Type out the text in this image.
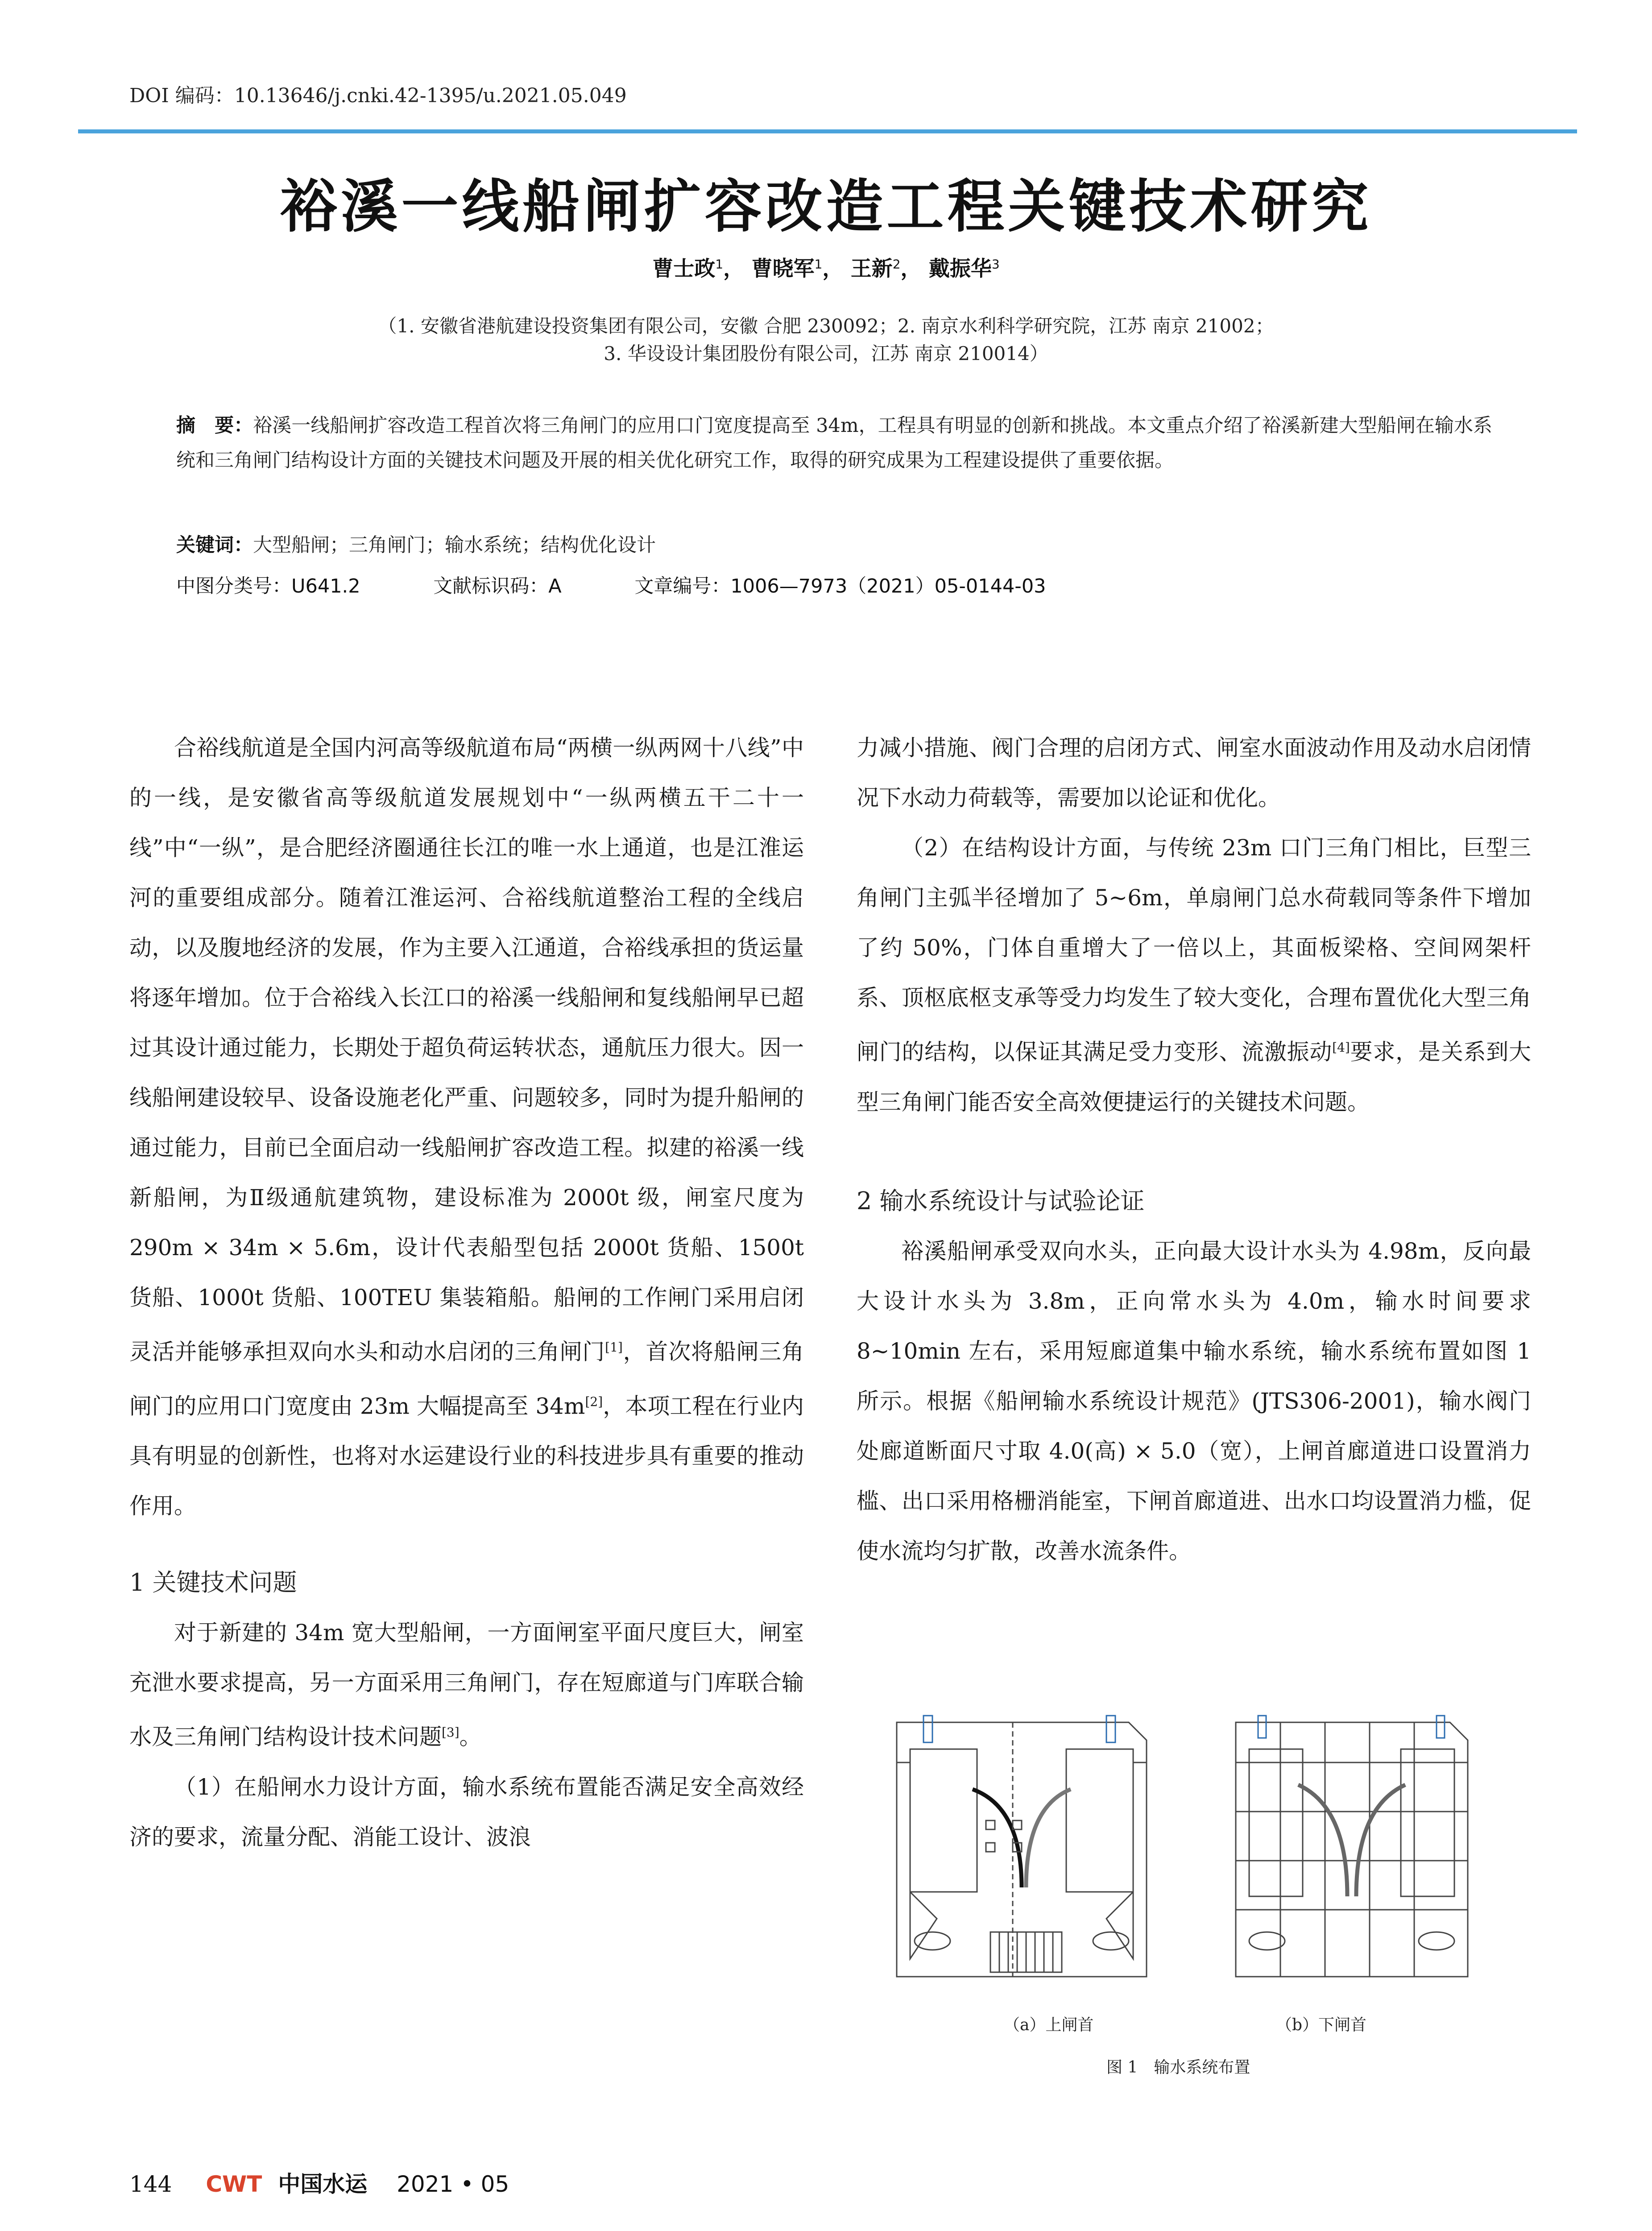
DOI 编码：10.13646/j.cnki.42-1395/u.2021.05.049
裕溪一线船闸扩容改造工程关键技术研究
曹士政$^1$， 曹晓军$^1$， 王新$^2$， 戴振华$^3$
（1. 安徽省港航建设投资集团有限公司，安徽 合肥 230092；2. 南京水利科学研究院，江苏 南京 21002；
3. 华设设计集团股份有限公司，江苏 南京 210014）
摘　要：裕溪一线船闸扩容改造工程首次将三角闸门的应用口门宽度提高至 34m，工程具有明显的创新和挑战。本文重点介绍了裕溪新建大型船闸在输水系统和三角闸门结构设计方面的关键技术问题及开展的相关优化研究工作，取得的研究成果为工程建设提供了重要依据。
关键词：大型船闸；三角闸门；输水系统；结构优化设计
中图分类号：U641.2	文献标识码：A	文章编号：1006—7973（2021）05-0144-03

合裕线航道是全国内河高等级航道布局“两横一纵两网十八线”中的一线，是安徽省高等级航道发展规划中“一纵两横五干二十一线”中“一纵”，是合肥经济圈通往长江的唯一水上通道，也是江淮运河的重要组成部分。随着江淮运河、合裕线航道整治工程的全线启动，以及腹地经济的发展，作为主要入江通道，合裕线承担的货运量将逐年增加。位于合裕线入长江口的裕溪一线船闸和复线船闸早已超过其设计通过能力，长期处于超负荷运转状态，通航压力很大。因一线船闸建设较早、设备设施老化严重、问题较多，同时为提升船闸的通过能力，目前已全面启动一线船闸扩容改造工程。拟建的裕溪一线新船闸，为Ⅱ级通航建筑物，建设标准为 2000t 级，闸室尺度为 290m × 34m × 5.6m，设计代表船型包括 2000t 货船、1500t 货船、1000t 货船、100TEU 集装箱船。船闸的工作闸门采用启闭灵活并能够承担双向水头和动水启闭的三角闸门[1]，首次将船闸三角闸门的应用口门宽度由 23m 大幅提高至 34m[2]，本项工程在行业内具有明显的创新性，也将对水运建设行业的科技进步具有重要的推动作用。

1 关键技术问题

对于新建的 34m 宽大型船闸，一方面闸室平面尺度巨大，闸室充泄水要求提高，另一方面采用三角闸门，存在短廊道与门库联合输水及三角闸门结构设计技术问题[3]。

（1）在船闸水力设计方面，输水系统布置能否满足安全高效经济的要求，流量分配、消能工设计、波浪

力减小措施、阀门合理的启闭方式、闸室水面波动作用及动水启闭情况下水动力荷载等，需要加以论证和优化。

（2）在结构设计方面，与传统 23m 口门三角门相比，巨型三角闸门主弧半径增加了 5~6m，单扇闸门总水荷载同等条件下增加了约 50%，门体自重增大了一倍以上，其面板梁格、空间网架杆系、顶枢底枢支承等受力均发生了较大变化，合理布置优化大型三角闸门的结构，以保证其满足受力变形、流激振动[4]要求，是关系到大型三角闸门能否安全高效便捷运行的关键技术问题。

2 输水系统设计与试验论证

裕溪船闸承受双向水头，正向最大设计水头为 4.98m，反向最大设计水头为 3.8m，正向常水头为 4.0m，输水时间要求 8~10min 左右，采用短廊道集中输水系统，输水系统布置如图 1 所示。根据《船闸输水系统设计规范》(JTS306-2001)，输水阀门处廊道断面尺寸取 4.0(高) × 5.0（宽），上闸首廊道进口设置消力槛、出口采用格栅消能室，下闸首廊道进、出水口均设置消力槛，促使水流均匀扩散，改善水流条件。

（a）上闸首	（b）下闸首
图 1　输水系统布置
144 CWT 中国水运 2021 • 05
